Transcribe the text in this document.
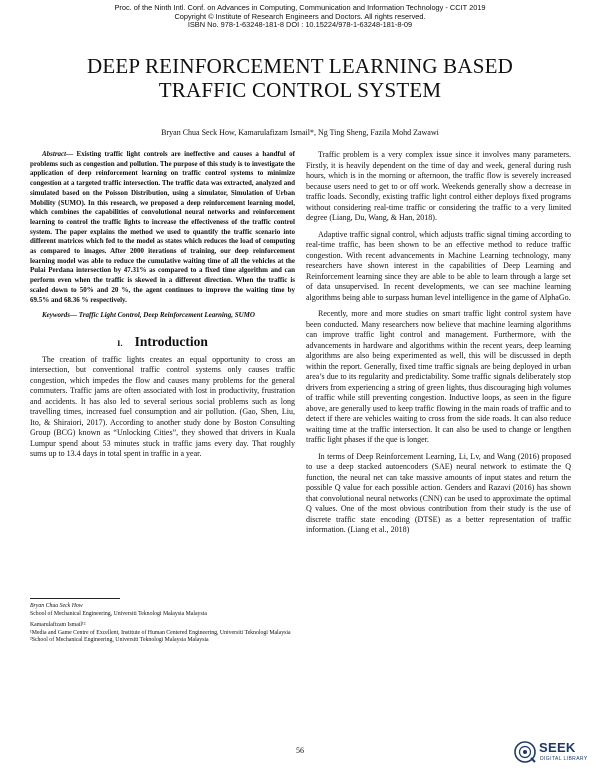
Proc. of the Ninth Intl. Conf. on Advances in Computing, Communication and Information Technology - CCIT 2019
Copyright © Institute of Research Engineers and Doctors. All rights reserved.
ISBN No. 978-1-63248-181-8 DOI : 10.15224/978-1-63248-181-8-09
DEEP REINFORCEMENT LEARNING BASED
TRAFFIC CONTROL SYSTEM
Bryan Chua Seck How, Kamarulafizam Ismail*, Ng Ting Sheng, Fazila Mohd Zawawi

Abstract— Existing traffic light controls are ineffective and causes a handful of problems such as congestion and pollution. The purpose of this study is to investigate the application of deep reinforcement learning on traffic control systems to minimize congestion at a targeted traffic intersection. The traffic data was extracted, analyzed and simulated based on the Poisson Distribution, using a simulator, Simulation of Urban Mobility (SUMO). In this research, we proposed a deep reinforcement learning model, which combines the capabilities of convolutional neural networks and reinforcement learning to control the traffic lights to increase the effectiveness of the traffic control system. The paper explains the method we used to quantify the traffic scenario into different matrices which fed to the model as states which reduces the load of computing as compared to images. After 2000 iterations of training, our deep reinforcement learning model was able to reduce the cumulative waiting time of all the vehicles at the Pulai Perdana intersection by 47.31% as compared to a fixed time algorithm and can perform even when the traffic is skewed in a different direction. When the traffic is scaled down to 50% and 20 %, the agent continues to improve the waiting time by 69.5% and 68.36 % respectively.

Keywords— Traffic Light Control, Deep Reinforcement Learning, SUMO

I. Introduction

The creation of traffic lights creates an equal opportunity to cross an intersection, but conventional traffic control systems only causes traffic congestion, which impedes the flow and causes many problems for the general commuters. Traffic jams are often associated with lost in productivity, frustration and accidents. It has also led to several serious social problems such as long travelling times, increased fuel consumption and air pollution. (Gao, Shen, Liu, Ito, & Shiraiori, 2017). According to another study done by Boston Consulting Group (BCG) known as “Unlocking Cities”, they showed that drivers in Kuala Lumpur spend about 53 minutes stuck in traffic jams every day. That roughly sums up to 13.4 days in total spent in traffic in a year.

Bryan Chua Seck How
School of Mechanical Engineering, Universiti Teknologi Malaysia Malaysia

Kamarulafizam Ismail¹²
¹Media and Game Centre of Excellent, Institute of Human Centered Engineering, Universiti Teknologi Malaysia
²School of Mechanical Engineering, Universiti Teknologi Malaysia Malaysia

Traffic problem is a very complex issue since it involves many parameters. Firstly, it is heavily dependent on the time of day and week, general during rush hours, which is in the morning or afternoon, the traffic flow is severely increased because users need to get to or off work. Weekends generally show a decrease in traffic loads. Secondly, existing traffic light control either deploys fixed programs without considering real-time traffic or considering the traffic to a very limited degree (Liang, Du, Wang, & Han, 2018).

Adaptive traffic signal control, which adjusts traffic signal timing according to real-time traffic, has been shown to be an effective method to reduce traffic congestion. With recent advancements in Machine Learning technology, many researchers have shown interest in the capabilities of Deep Learning and Reinforcement learning since they are able to be able to learn through a large set of data unsupervised. In recent developments, we can see machine learning algorithms being able to surpass human level intelligence in the game of AlphaGo.

Recently, more and more studies on smart traffic light control system have been conducted. Many researchers now believe that machine learning algorithms can improve traffic light control and management. Furthermore, with the advancements in hardware and algorithms within the recent years, deep learning algorithms are also being experimented as well, this will be discussed in depth within the report. Generally, fixed time traffic signals are being deployed in urban area’s due to its regularity and predictability. Some traffic signals deliberately stop drivers from experiencing a string of green lights, thus discouraging high volumes of traffic while still preventing congestion. Inductive loops, as seen in the figure above, are generally used to keep traffic flowing in the main roads of traffic and to detect if there are vehicles waiting to cross from the side roads. It can also reduce waiting time at the traffic intersection. It can also be used to change or lengthen traffic light phases if the que is longer.

In terms of Deep Reinforcement Learning, Li, Lv, and Wang (2016) proposed to use a deep stacked autoencoders (SAE) neural network to estimate the Q function, the neural net can take massive amounts of input states and return the possible Q value for each possible action. Genders and Razavi (2016) has shown that convolutional neural networks (CNN) can be used to approximate the optimal Q values. One of the most obvious contribution from their study is the use of discrete traffic state encoding (DTSE) as a better representation of traffic information. (Liang et al., 2018)

56	SEEK
DIGITAL LIBRARY
